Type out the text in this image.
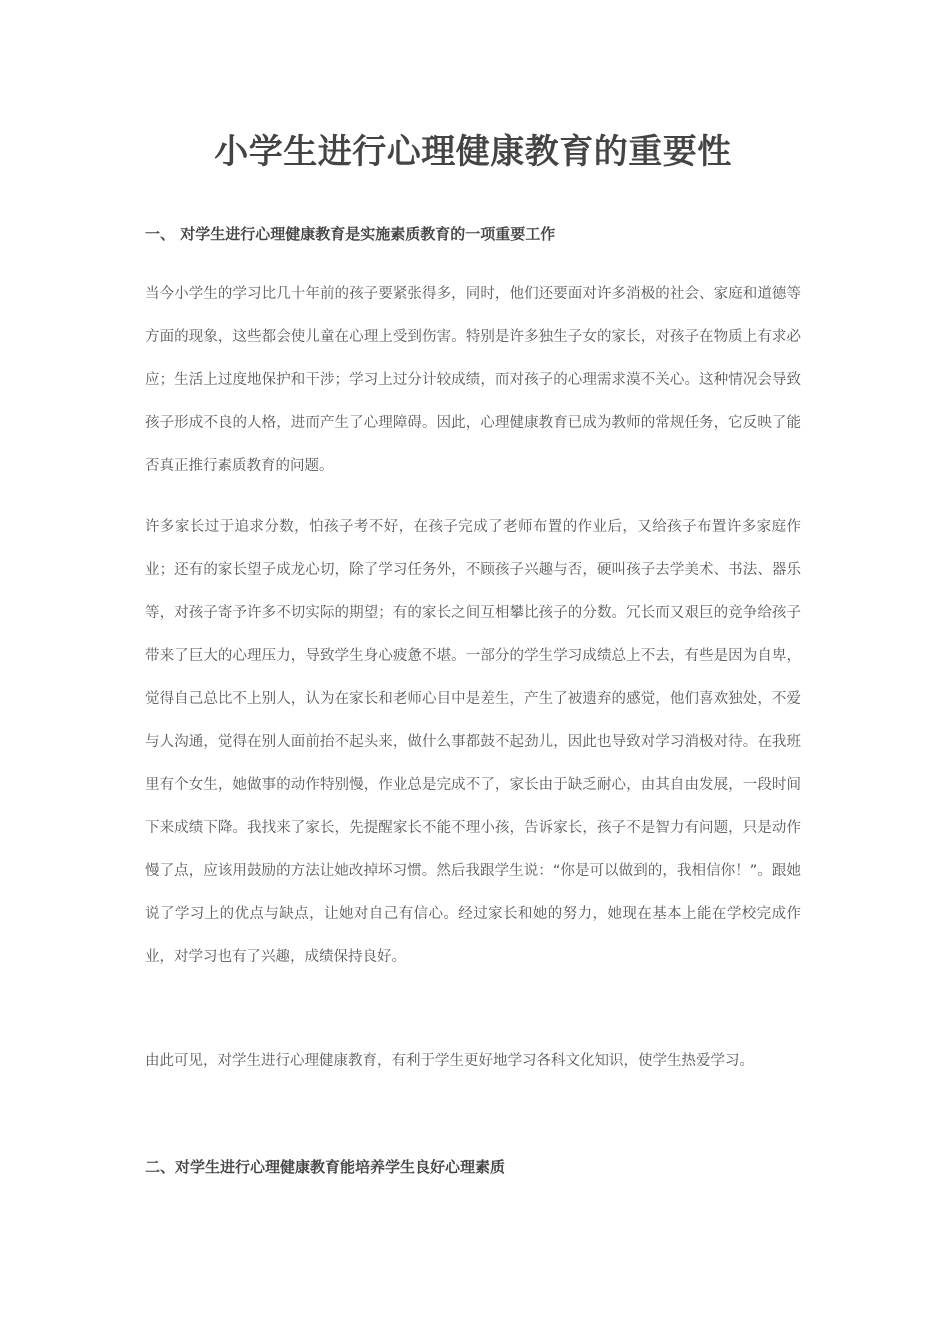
小学生进行心理健康教育的重要性
一、 对学生进行心理健康教育是实施素质教育的一项重要工作

当今小学生的学习比几十年前的孩子要紧张得多，同时，他们还要面对许多消极的社会、家庭和道德等方面的现象，这些都会使儿童在心理上受到伤害。特别是许多独生子女的家长，对孩子在物质上有求必应；生活上过度地保护和干涉；学习上过分计较成绩，而对孩子的心理需求漠不关心。这种情况会导致孩子形成不良的人格，进而产生了心理障碍。因此，心理健康教育已成为教师的常规任务，它反映了能否真正推行素质教育的问题。

许多家长过于追求分数，怕孩子考不好，在孩子完成了老师布置的作业后，又给孩子布置许多家庭作业；还有的家长望子成龙心切，除了学习任务外，不顾孩子兴趣与否，硬叫孩子去学美术、书法、器乐等，对孩子寄予许多不切实际的期望；有的家长之间互相攀比孩子的分数。冗长而又艰巨的竞争给孩子带来了巨大的心理压力，导致学生身心疲惫不堪。一部分的学生学习成绩总上不去，有些是因为自卑，觉得自己总比不上别人，认为在家长和老师心目中是差生，产生了被遗弃的感觉，他们喜欢独处，不爱与人沟通，觉得在别人面前抬不起头来，做什么事都鼓不起劲儿，因此也导致对学习消极对待。在我班里有个女生，她做事的动作特别慢，作业总是完成不了，家长由于缺乏耐心，由其自由发展，一段时间下来成绩下降。我找来了家长，先提醒家长不能不理小孩，告诉家长，孩子不是智力有问题，只是动作慢了点，应该用鼓励的方法让她改掉坏习惯。然后我跟学生说：“你是可以做到的，我相信你！”。跟她说了学习上的优点与缺点，让她对自己有信心。经过家长和她的努力，她现在基本上能在学校完成作业，对学习也有了兴趣，成绩保持良好。

由此可见，对学生进行心理健康教育，有利于学生更好地学习各科文化知识，使学生热爱学习。

二、对学生进行心理健康教育能培养学生良好心理素质
